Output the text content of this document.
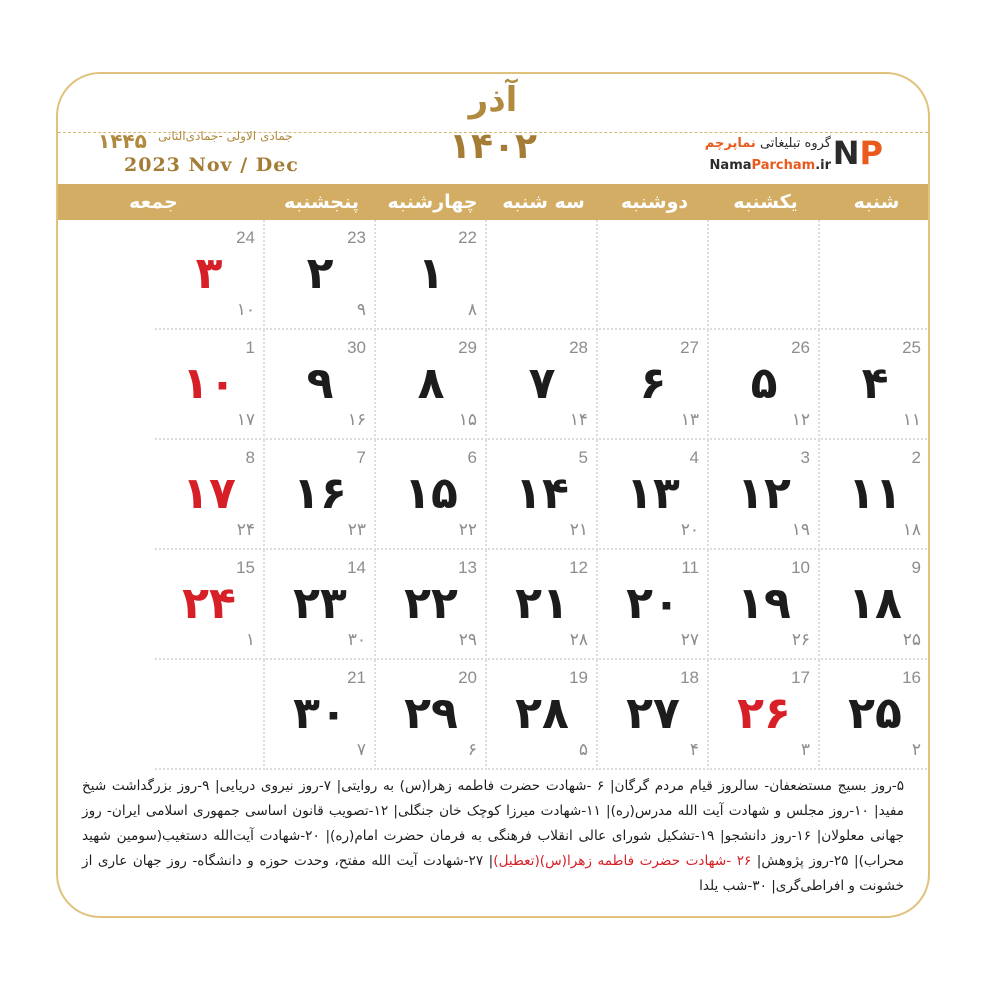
آذر
جمادی الاولی -جمادی‌الثانی
۱۴۴۵
2023 Nov / Dec	۱۴۰۲	NP
گروه تبلیغاتی نماپرچم
NamaParcham.ir
شنبه
یکشنبه
دوشنبه
سه شنبه
چهارشنبه
پنجشنبه
جمعه
22
۱
۸
23
۲
۹
24
۳
۱۰
25
۴
۱۱
26
۵
۱۲
27
۶
۱۳
28
۷
۱۴
29
۸
۱۵
30
۹
۱۶
1
۱۰
۱۷
2
۱۱
۱۸
3
۱۲
۱۹
4
۱۳
۲۰
5
۱۴
۲۱
6
۱۵
۲۲
7
۱۶
۲۳
8
۱۷
۲۴
9
۱۸
۲۵
10
۱۹
۲۶
11
۲۰
۲۷
12
۲۱
۲۸
13
۲۲
۲۹
14
۲۳
۳۰
15
۲۴
۱
16
۲۵
۲
17
۲۶
۳
18
۲۷
۴
19
۲۸
۵
20
۲۹
۶
21
۳۰
۷
۵-روز بسیج مستضعفان- سالروز قیام مردم گرگان| ۶ -شهادت حضرت فاطمه زهرا(س) به روایتی| ۷-روز نیروی دریایی| ۹-روز بزرگداشت شیخ مفید| ۱۰-روز مجلس و شهادت آیت الله مدرس(ره)| ۱۱-شهادت میرزا کوچک خان جنگلی| ۱۲-تصویب قانون اساسی جمهوری اسلامی ایران- روز جهانی معلولان| ۱۶-روز دانشجو| ۱۹-تشکیل شورای عالی انقلاب فرهنگی به فرمان حضرت امام(ره)| ۲۰-شهادت آیت‌الله دستغیب(سومین شهید محراب)| ۲۵-روز پژوهش| ۲۶ -شهادت حضرت فاطمه زهرا(س)(تعطیل)| ۲۷-شهادت آیت الله مفتح، وحدت حوزه و دانشگاه- روز جهان عاری از خشونت و افراطی‌گری| ۳۰-شب یلدا
